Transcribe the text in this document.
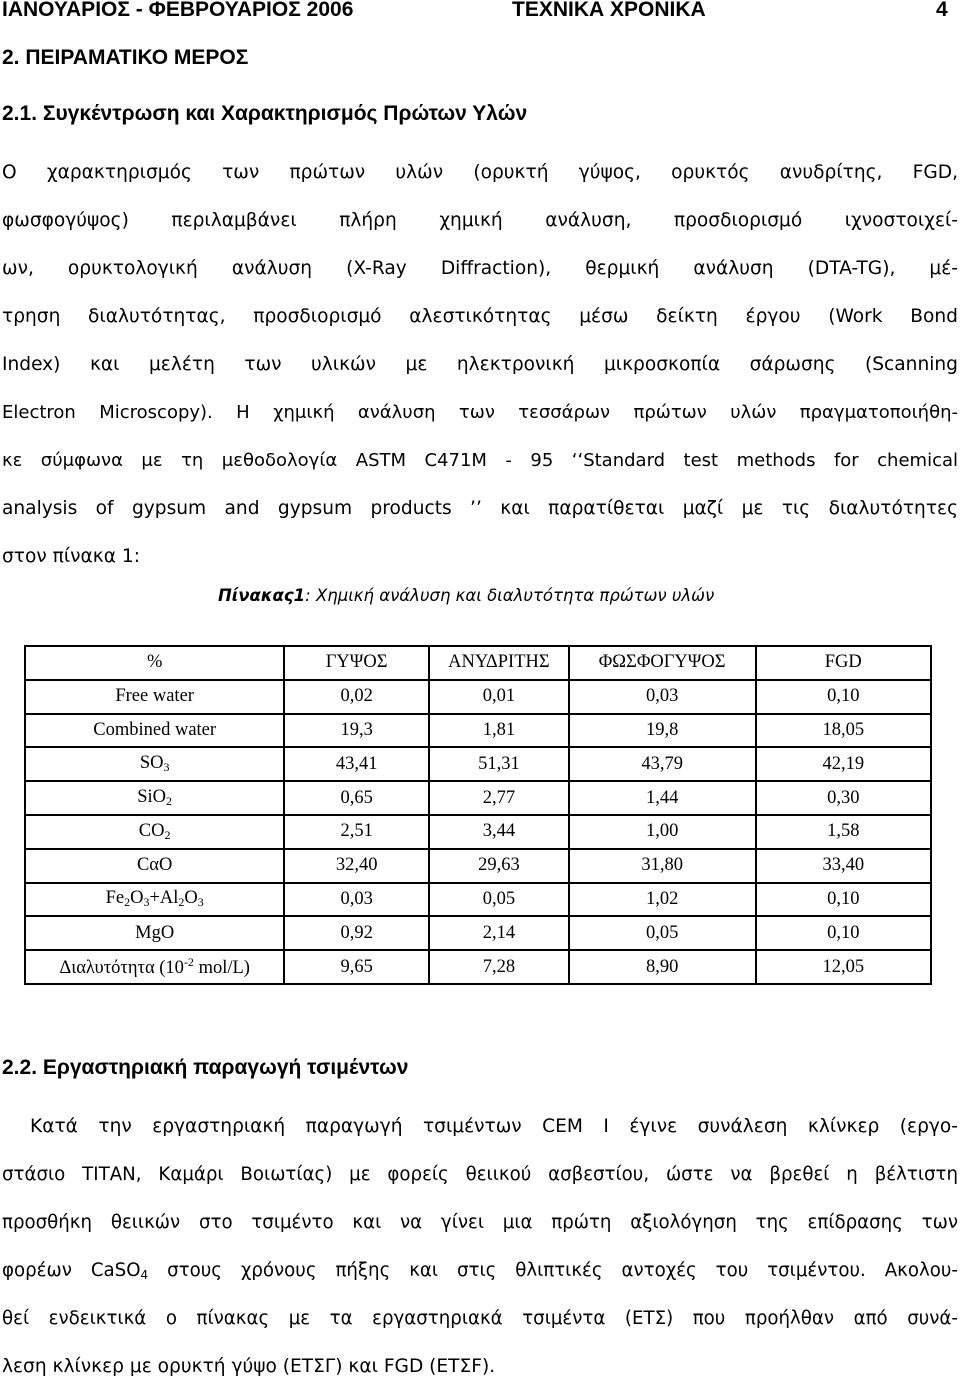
ΙΑΝΟΥΑΡΙΟΣ - ΦΕΒΡΟΥΑΡΙΟΣ 2006	ΤΕΧΝΙΚΑ ΧΡΟΝΙΚΑ	4
2. ΠΕΙΡΑΜΑΤΙΚΟ ΜΕΡΟΣ
2.1. Συγκέντρωση και Χαρακτηρισμός Πρώτων Υλών
Ο χαρακτηρισμός των πρώτων υλών (ορυκτή γύψος, ορυκτός ανυδρίτης, FGD,
φωσφογύψος) περιλαμβάνει πλήρη χημική ανάλυση, προσδιορισμό ιχνοστοιχεί-
ων, ορυκτολογική ανάλυση (X-Ray Diffraction), θερμική ανάλυση (DTA-TG), μέ-
τρηση διαλυτότητας, προσδιορισμό αλεστικότητας μέσω δείκτη έργου (Work Bond
Index) και μελέτη των υλικών με ηλεκτρονική μικροσκοπία σάρωσης (Scanning
Electron Microscopy). Η χημική ανάλυση των τεσσάρων πρώτων υλών πραγματοποιήθη-
κε σύμφωνα με τη μεθοδολογία ASTM C471M - 95 ‘‘Standard test methods for chemical
analysis of gypsum and gypsum products ’’ και παρατίθεται μαζί με τις διαλυτότητες
στον πίνακα 1:
Πίνακας1: Χημική ανάλυση και διαλυτότητα πρώτων υλών
%	ΓΥΨΟΣ	ΑΝΥΔΡΙΤΗΣ	ΦΩΣΦΟΓΥΨΟΣ	FGD
Free water	0,02	0,01	0,03	0,10
Combined water	19,3	1,81	19,8	18,05
$SO_3$	43,41	51,31	43,79	42,19
SiO$_2$	0,65	2,77	1,44	0,30
$CO_2$	2,51	3,44	1,00	1,58
CαO	32,40	29,63	31,80	33,40
$Fe_2O_3+Al_2O_3$	0,03	0,05	1,02	0,10
MgO	0,92	2,14	0,05	0,10
Διαλυτότητα ($10^{-2}$ mol/L)	9,65	7,28	8,90	12,05
2.2. Εργαστηριακή παραγωγή τσιμέντων
Κατά την εργαστηριακή παραγωγή τσιμέντων CEM I έγινε συνάλεση κλίνκερ (εργο-
στάσιο ΤΙΤΑΝ, Καμάρι Βοιωτίας) με φορείς θειικού ασβεστίου, ώστε να βρεθεί η βέλτιστη
προσθήκη θειικών στο τσιμέντο και να γίνει μια πρώτη αξιολόγηση της επίδρασης των
φορέων CaSO$_4$ στους χρόνους πήξης και στις θλιπτικές αντοχές του τσιμέντου. Ακολου-
θεί ενδεικτικά ο πίνακας με τα εργαστηριακά τσιμέντα (ΕΤΣ) που προήλθαν από συνά-
λεση κλίνκερ με ορυκτή γύψο (ΕΤΣΓ) και FGD (ΕΤΣF).
